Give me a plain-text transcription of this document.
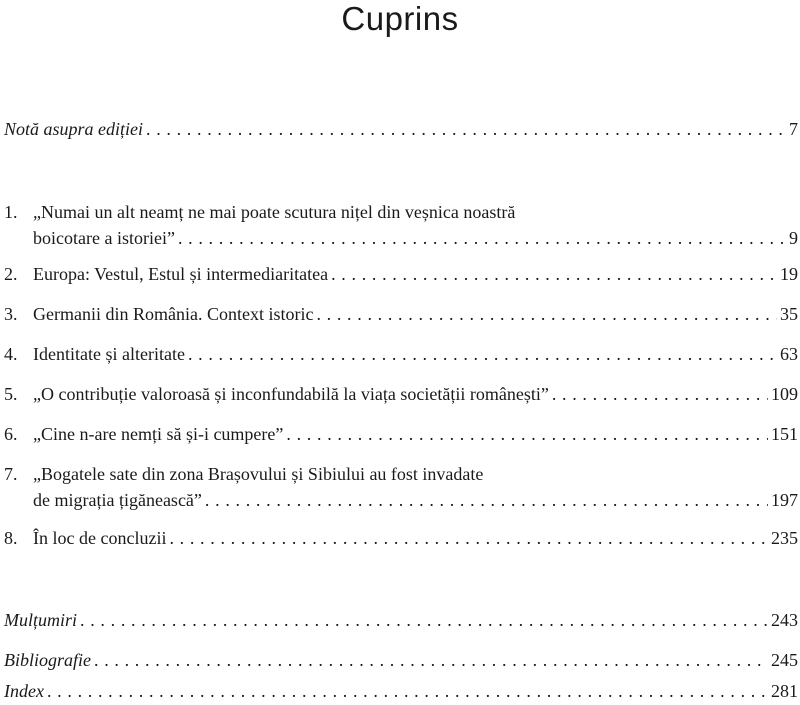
Cuprins
Notă asupra ediției . . .	7
1. „Numai un alt neamț ne mai poate scutura nițel din veșnica noastră
boicotare a istoriei” . . .	9
2. Europa: Vestul, Estul și intermediaritatea . . .	19
3. Germanii din România. Context istoric . . .	35
4. Identitate și alteritate . . .	63
5. „O contribuție valoroasă și inconfundabilă la viața societății românești” . . .	109
6. „Cine n-are nemți să și-i cumpere” . . .	151
7. „Bogatele sate din zona Brașovului și Sibiului au fost invadate
de migrația țigănească” . . .	197
8. În loc de concluzii . . .	235
Mulțumiri . . .	243
Bibliografie . . .	245
Index . . .	281
